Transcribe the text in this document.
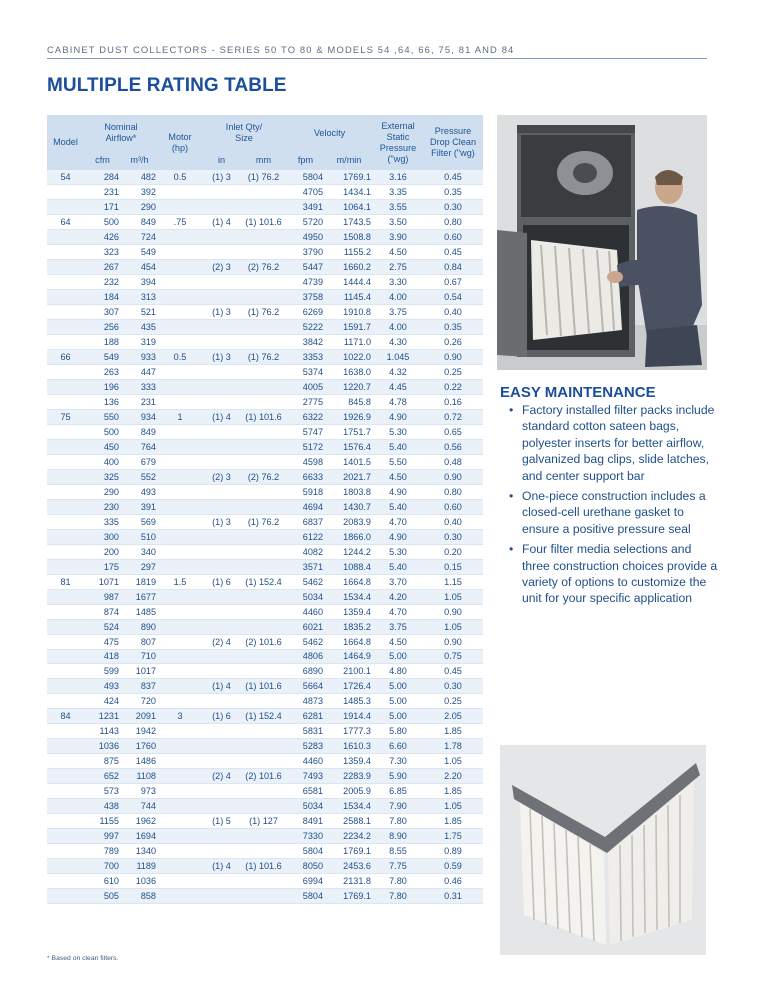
CABINET DUST COLLECTORS - SERIES 50 TO 80 & MODELS 54 ,64, 66, 75, 81 AND 84
MULTIPLE RATING TABLE
Model	Nominal Airflow*		Motor (hp)	Inlet Qty/ Size		Velocity		External Static Pressure ("wg)	Pressure Drop Clean Filter ("wg)

	cfm	m³/h		in	mm	fpm	m/min		
54	284	482	0.5	(1) 3	(1) 76.2	5804	1769.1	3.16	0.45
	231	392				4705	1434.1	3.35	0.35
	171	290				3491	1064.1	3.55	0.30
64	500	849	.75	(1) 4	(1) 101.6	5720	1743.5	3.50	0.80
	426	724				4950	1508.8	3.90	0.60
	323	549				3790	1155.2	4.50	0.45
	267	454		(2) 3	(2) 76.2	5447	1660.2	2.75	0.84
	232	394				4739	1444.4	3.30	0.67
	184	313				3758	1145.4	4.00	0.54
	307	521		(1) 3	(1) 76.2	6269	1910.8	3.75	0.40
	256	435				5222	1591.7	4.00	0.35
	188	319				3842	1171.0	4.30	0.26
66	549	933	0.5	(1) 3	(1) 76.2	3353	1022.0	1.045	0.90
	263	447				5374	1638.0	4.32	0.25
	196	333				4005	1220.7	4.45	0.22
	136	231				2775	845.8	4.78	0.16
75	550	934	1	(1) 4	(1) 101.6	6322	1926.9	4.90	0.72
	500	849				5747	1751.7	5.30	0.65
	450	764				5172	1576.4	5.40	0.56
	400	679				4598	1401.5	5.50	0.48
	325	552		(2) 3	(2) 76.2	6633	2021.7	4.50	0.90
	290	493				5918	1803.8	4.90	0.80
	230	391				4694	1430.7	5.40	0.60
	335	569		(1) 3	(1) 76.2	6837	2083.9	4.70	0.40
	300	510				6122	1866.0	4.90	0.30
	200	340				4082	1244.2	5.30	0.20
	175	297				3571	1088.4	5.40	0.15
81	1071	1819	1.5	(1) 6	(1) 152.4	5462	1664.8	3.70	1.15
	987	1677				5034	1534.4	4.20	1.05
	874	1485				4460	1359.4	4.70	0.90
	524	890				6021	1835.2	3.75	1.05
	475	807		(2) 4	(2) 101.6	5462	1664.8	4.50	0.90
	418	710				4806	1464.9	5.00	0.75
	599	1017				6890	2100.1	4.80	0.45
	493	837		(1) 4	(1) 101.6	5664	1726.4	5.00	0.30
	424	720				4873	1485.3	5.00	0.25
84	1231	2091	3	(1) 6	(1) 152.4	6281	1914.4	5.00	2.05
	1143	1942				5831	1777.3	5.80	1.85
	1036	1760				5283	1610.3	6.60	1.78
	875	1486				4460	1359.4	7.30	1.05
	652	1108		(2) 4	(2) 101.6	7493	2283.9	5.90	2.20
	573	973				6581	2005.9	6.85	1.85
	438	744				5034	1534.4	7.90	1.05
	1155	1962		(1) 5	(1) 127	8491	2588.1	7.80	1.85
	997	1694				7330	2234.2	8.90	1.75
	789	1340				5804	1769.1	8.55	0.89
	700	1189		(1) 4	(1) 101.6	8050	2453.6	7.75	0.59
	610	1036				6994	2131.8	7.80	0.46
	505	858				5804	1769.1	7.80	0.31
* Based on clean filters.
EASY MAINTENANCE
• Factory installed filter packs include standard cotton sateen bags, polyester inserts for better airflow, galvanized bag clips, slide latches, and center support bar
• One-piece construction includes a closed-cell urethane gasket to ensure a positive pressure seal
• Four filter media selections and three construction choices provide a variety of options to customize the unit for your specific application
